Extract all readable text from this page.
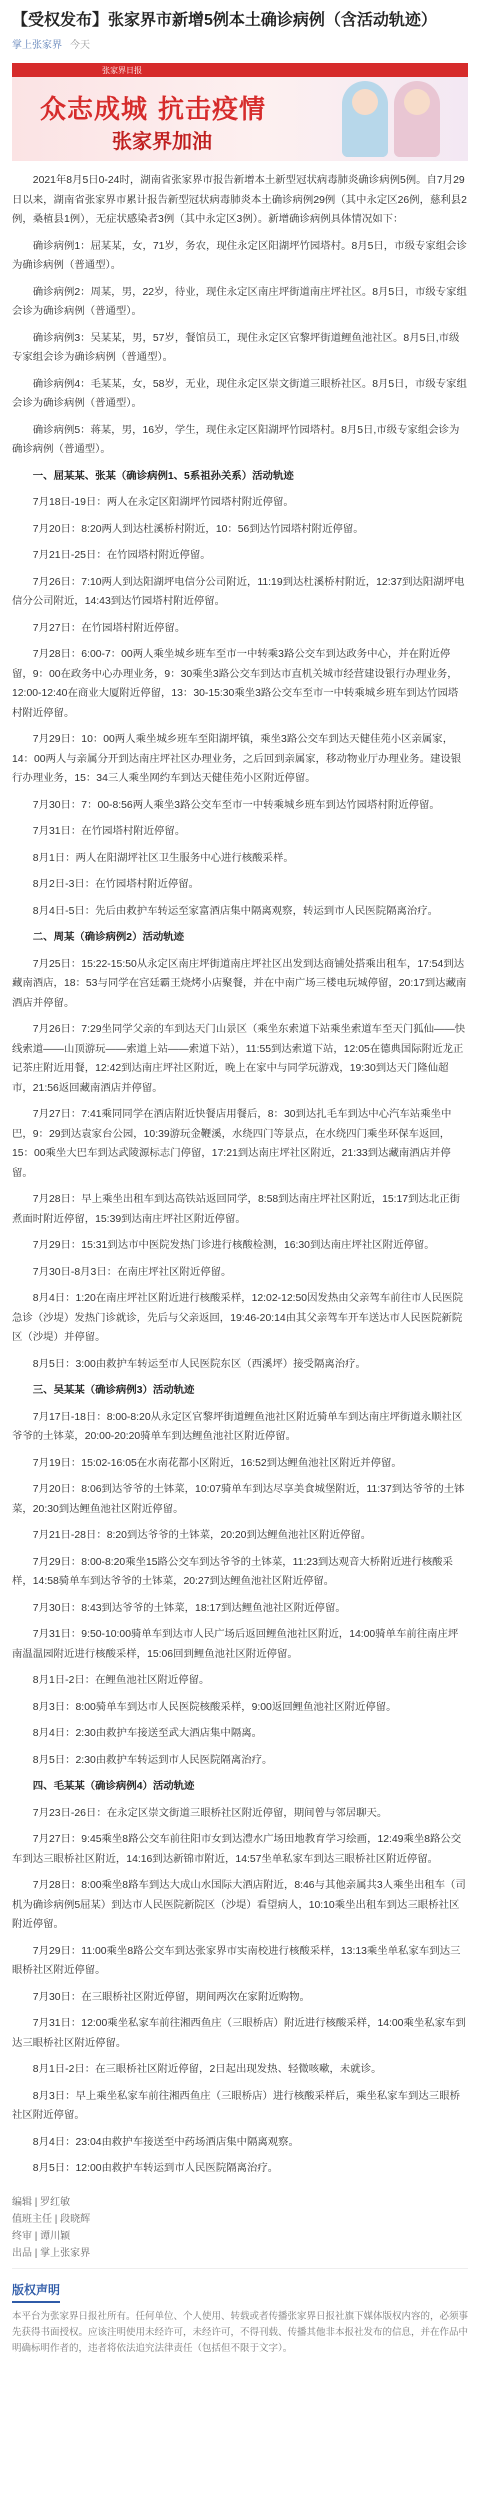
【受权发布】张家界市新增5例本土确诊病例（含活动轨迹）
掌上张家界 今天
张家界日报
众志成城 抗击疫情
张家界加油

2021年8月5日0-24时，湖南省张家界市报告新增本土新型冠状病毒肺炎确诊病例5例。自7月29日以来，湖南省张家界市累计报告新型冠状病毒肺炎本土确诊病例29例（其中永定区26例，慈利县2例，桑植县1例），无症状感染者3例（其中永定区3例）。新增确诊病例具体情况如下：

确诊病例1：屈某某，女，71岁，务农，现住永定区阳湖坪竹园塔村。8月5日，市级专家组会诊为确诊病例（普通型）。

确诊病例2：周某，男，22岁，待业，现住永定区南庄坪街道南庄坪社区。8月5日，市级专家组会诊为确诊病例（普通型）。

确诊病例3：吴某某，男，57岁，餐馆员工，现住永定区官黎坪街道鲤鱼池社区。8月5日,市级专家组会诊为确诊病例（普通型）。

确诊病例4：毛某某，女，58岁，无业，现住永定区崇文街道三眼桥社区。8月5日，市级专家组会诊为确诊病例（普通型）。

确诊病例5：蒋某，男，16岁，学生，现住永定区阳湖坪竹园塔村。8月5日,市级专家组会诊为确诊病例（普通型）。

一、屈某某、张某（确诊病例1、5系祖孙关系）活动轨迹

7月18日-19日：两人在永定区阳湖坪竹园塔村附近停留。

7月20日：8:20两人到达杜溪桥村附近，10：56到达竹园塔村附近停留。

7月21日-25日：在竹园塔村附近停留。

7月26日：7:10两人到达阳湖坪电信分公司附近，11:19到达杜溪桥村附近，12:37到达阳湖坪电信分公司附近，14:43到达竹园塔村附近停留。

7月27日：在竹园塔村附近停留。

7月28日：6:00-7：00两人乘坐城乡班车至市一中转乘3路公交车到达政务中心，并在附近停留，9：00在政务中心办理业务，9：30乘坐3路公交车到达市直机关城市经营建设银行办理业务，12:00-12:40在商业大厦附近停留，13：30-15:30乘坐3路公交车至市一中转乘城乡班车到达竹园塔村附近停留。

7月29日：10：00两人乘坐城乡班车至阳湖坪镇，乘坐3路公交车到达天健佳苑小区亲属家，14：00两人与亲属分开到达南庄坪社区办理业务，之后回到亲属家，移动物业厅办理业务。建设银行办理业务，15：34三人乘坐网约车到达天健佳苑小区附近停留。

7月30日：7：00-8:56两人乘坐3路公交车至市一中转乘城乡班车到达竹园塔村附近停留。

7月31日：在竹园塔村附近停留。

8月1日：两人在阳湖坪社区卫生服务中心进行核酸采样。

8月2日-3日：在竹园塔村附近停留。

8月4日-5日：先后由救护车转运至家富酒店集中隔离观察，转运到市人民医院隔离治疗。

二、周某（确诊病例2）活动轨迹

7月25日：15:22-15:50从永定区南庄坪街道南庄坪社区出发到达商铺处搭乘出租车，17:54到达藏南酒店，18：53与同学在宫廷霸王烧烤小店聚餐，并在中南广场三楼电玩城停留，20:17到达藏南酒店并停留。

7月26日：7:29坐同学父亲的车到达天门山景区（乘坐东索道下站乘坐索道车至天门狐仙——快线索道——山顶游玩——索道上站——索道下站），11:55到达索道下站，12:05在德典国际附近龙正记茶庄附近用餐，12:42到达南庄坪社区附近，晚上在家中与同学玩游戏，19:30到达天门隆仙超市，21:56返回藏南酒店并停留。

7月27日：7:41乘同同学在酒店附近快餐店用餐后，8：30到达扎毛车到达中心汽车站乘坐中巴，9：29到达袁家台公园，10:39游玩金鞭溪，水绕四门等景点，在水绕四门乘坐环保车返回，15：00乘坐大巴车到达武陵源标志门停留，17:21到达南庄坪社区附近，21:33到达藏南酒店并停留。

7月28日：早上乘坐出租车到达高铁站返回同学，8:58到达南庄坪社区附近，15:17到达北正街煮面时附近停留，15:39到达南庄坪社区附近停留。

7月29日：15:31到达市中医院发热门诊进行核酸检测，16:30到达南庄坪社区附近停留。

7月30日-8月3日：在南庄坪社区附近停留。

8月4日：1:20在南庄坪社区附近进行核酸采样，12:02-12:50因发热由父亲驾车前往市人民医院急诊（沙堤）发热门诊就诊，先后与父亲返回，19:46-20:14由其父亲驾车开车送达市人民医院新院区（沙堤）并停留。

8月5日：3:00由救护车转运至市人民医院东区（西溪坪）接受隔离治疗。

三、吴某某（确诊病例3）活动轨迹

7月17日-18日：8:00-8:20从永定区官黎坪街道鲤鱼池社区附近骑单车到达南庄坪街道永顺社区爷爷的土钵菜，20:00-20:20骑单车到达鲤鱼池社区附近停留。

7月19日：15:02-16:05在水南花都小区附近，16:52到达鲤鱼池社区附近并停留。

7月20日：8:06到达爷爷的土钵菜，10:07骑单车到达尽享美食城堡附近，11:37到达爷爷的土钵菜，20:30到达鲤鱼池社区附近停留。

7月21日-28日：8:20到达爷爷的土钵菜，20:20到达鲤鱼池社区附近停留。

7月29日：8:00-8:20乘坐15路公交车到达爷爷的土钵菜，11:23到达观音大桥附近进行核酸采样，14:58骑单车到达爷爷的土钵菜，20:27到达鲤鱼池社区附近停留。

7月30日：8:43到达爷爷的土钵菜，18:17到达鲤鱼池社区附近停留。

7月31日：9:50-10:00骑单车到达市人民广场后返回鲤鱼池社区附近，14:00骑单车前往南庄坪南温温园附近进行核酸采样，15:06回到鲤鱼池社区附近停留。

8月1日-2日：在鲤鱼池社区附近停留。

8月3日：8:00骑单车到达市人民医院核酸采样，9:00返回鲤鱼池社区附近停留。

8月4日：2:30由救护车接送至武大酒店集中隔离。

8月5日：2:30由救护车转运到市人民医院隔离治疗。

四、毛某某（确诊病例4）活动轨迹

7月23日-26日：在永定区崇文街道三眼桥社区附近停留，期间曾与邻居聊天。

7月27日：9:45乘坐8路公交车前往阳市女到达澧水广场田地教育学习绘画，12:49乘坐8路公交车到达三眼桥社区附近，14:16到达新锦市附近，14:57坐单私家车到达三眼桥社区附近停留。

7月28日：8:00乘坐8路车到达大成山水国际大酒店附近，8:46与其他亲属共3人乘坐出租车（司机为确诊病例5屈某）到达市人民医院新院区（沙堤）看望病人，10:10乘坐出租车到达三眼桥社区附近停留。

7月29日：11:00乘坐8路公交车到达张家界市实南校进行核酸采样，13:13乘坐单私家车到达三眼桥社区附近停留。

7月30日：在三眼桥社区附近停留，期间两次在家附近购物。

7月31日：12:00乘坐私家车前往湘西鱼庄（三眼桥店）附近进行核酸采样，14:00乘坐私家车到达三眼桥社区附近停留。

8月1日-2日：在三眼桥社区附近停留，2日起出现发热、轻微咳嗽，未就诊。

8月3日：早上乘坐私家车前往湘西鱼庄（三眼桥店）进行核酸采样后，乘坐私家车到达三眼桥社区附近停留。

8月4日：23:04由救护车接送至中药场酒店集中隔离观察。

8月5日：12:00由救护车转运到市人民医院隔离治疗。

编辑 | 罗红敏
值班主任 | 段晓辉
终审 | 谭川颖
出品 | 掌上张家界
版权声明
本平台为张家界日报社所有。任何单位、个人使用、转载或者传播张家界日报社旗下媒体版权内容的，必须事先获得书面授权。应该注明使用未经许可，未经许可，不得刊载、传播其他非本报社发布的信息，并在作品中明确标明作者的，违者将依法追究法律责任（包括但不限于文字）。
